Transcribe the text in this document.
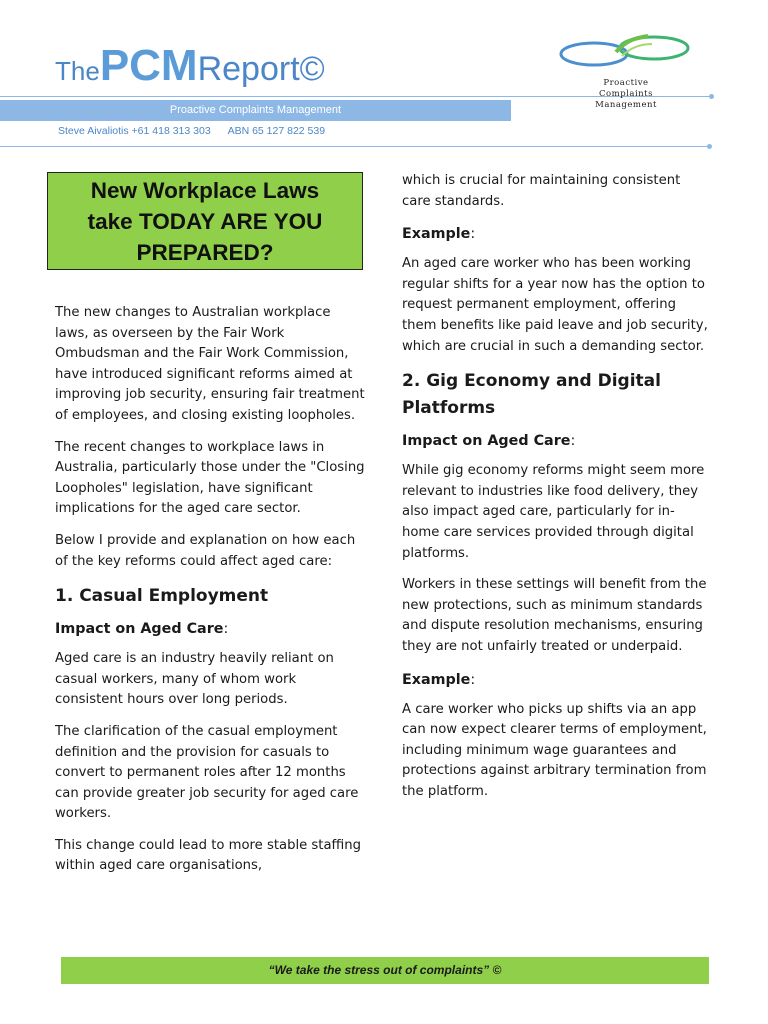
ThePCMReport©
Proactive Complaints Management
Steve Aivaliotis +61 418 313 303      ABN 65 127 822 539
Proactive
Complaints
Management
New Workplace Laws
take TODAY ARE YOU
PREPARED?

The new changes to Australian workplace laws, as overseen by the Fair Work Ombudsman and the Fair Work Commission, have introduced significant reforms aimed at improving job security, ensuring fair treatment of employees, and closing existing loopholes.

The recent changes to workplace laws in Australia, particularly those under the "Closing Loopholes" legislation, have significant implications for the aged care sector.

Below I provide and explanation on how each of the key reforms could affect aged care:

1. Casual Employment
Impact on Aged Care:

Aged care is an industry heavily reliant on casual workers, many of whom work consistent hours over long periods.

The clarification of the casual employment definition and the provision for casuals to convert to permanent roles after 12 months can provide greater job security for aged care workers.

This change could lead to more stable staffing within aged care organisations,

which is crucial for maintaining consistent care standards.

Example:

An aged care worker who has been working regular shifts for a year now has the option to request permanent employment, offering them benefits like paid leave and job security, which are crucial in such a demanding sector.

2. Gig Economy and Digital Platforms
Impact on Aged Care:

While gig economy reforms might seem more relevant to industries like food delivery, they also impact aged care, particularly for in-home care services provided through digital platforms.

Workers in these settings will benefit from the new protections, such as minimum standards and dispute resolution mechanisms, ensuring they are not unfairly treated or underpaid.

Example:

A care worker who picks up shifts via an app can now expect clearer terms of employment, including minimum wage guarantees and protections against arbitrary termination from the platform.

“We take the stress out of complaints” ©
